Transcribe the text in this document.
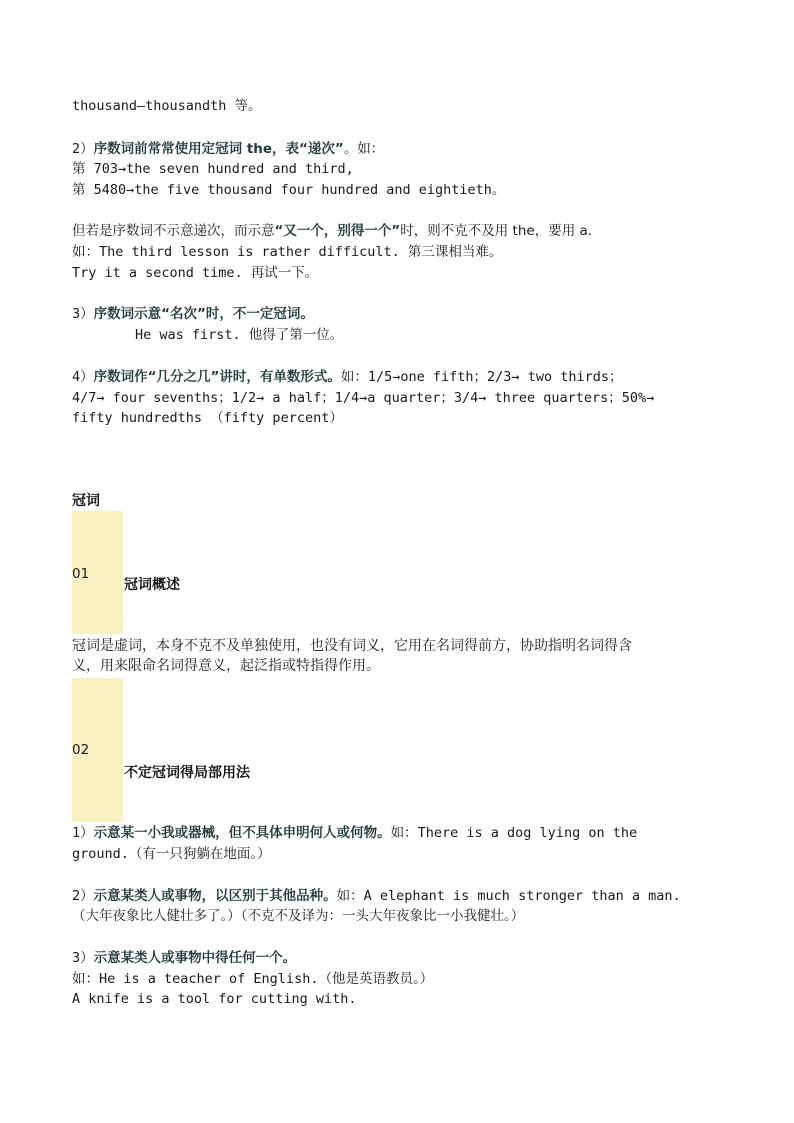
thousand—thousandth 等。
2）序数词前常常使用定冠词 the，表“递次”。如：
第 703→the seven hundred and third,
第 5480→the five thousand four hundred and eightieth。
但若是序数词不示意递次，而示意“又一个，别得一个”时，则不克不及用 the，要用 a.
如：The third lesson is rather difficult. 第三课相当难。
Try it a second time. 再试一下。
3）序数词示意“名次”时，不一定冠词。
He was first. 他得了第一位。
4）序数词作“几分之几”讲时，有单数形式。如：1/5→one fifth；2/3→ two thirds；
4/7→ four sevenths；1/2→ a half；1/4→a quarter；3/4→ three quarters；50%→
fifty hundredths （fifty percent）
冠词
01
冠词概述
冠词是虚词，本身不克不及单独使用，也没有词义，它用在名词得前方，协助指明名词得含
义，用来限命名词得意义，起泛指或特指得作用。
02
不定冠词得局部用法
1）示意某一小我或器械，但不具体申明何人或何物。如：There is a dog lying on the
ground.（有一只狗躺在地面。）
2）示意某类人或事物，以区别于其他品种。如：A elephant is much stronger than a man.
（大年夜象比人健壮多了。）（不克不及译为：一头大年夜象比一小我健壮。）
3）示意某类人或事物中得任何一个。
如：He is a teacher of English.（他是英语教员。）
A knife is a tool for cutting with.
